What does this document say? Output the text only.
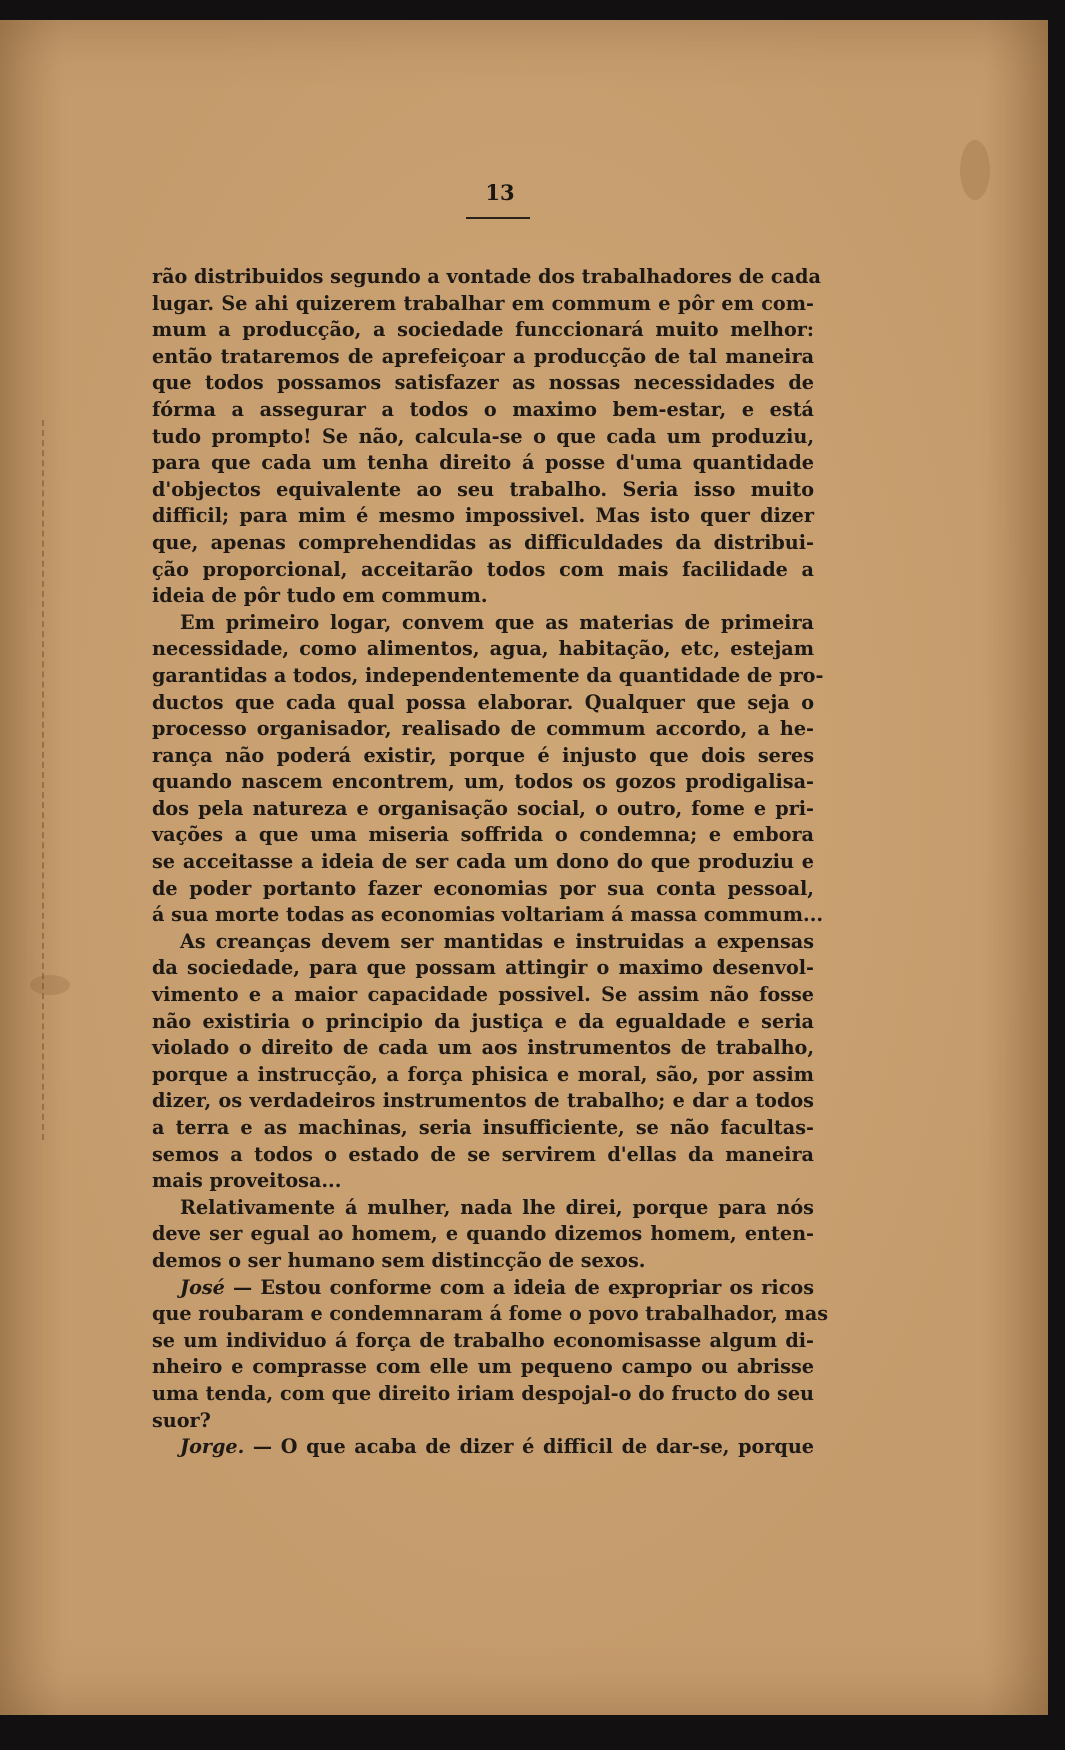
13
rão distribuidos segundo a vontade dos trabalhadores de cada
lugar. Se ahi quizerem trabalhar em commum e pôr em com-
mum a producção, a sociedade funccionará muito melhor:
então trataremos de aprefeiçoar a producção de tal maneira
que todos possamos satisfazer as nossas necessidades de
fórma a assegurar a todos o maximo bem-estar, e está
tudo prompto! Se não, calcula-se o que cada um produziu,
para que cada um tenha direito á posse d'uma quantidade
d'objectos equivalente ao seu trabalho. Seria isso muito
difficil; para mim é mesmo impossivel. Mas isto quer dizer
que, apenas comprehendidas as difficuldades da distribui-
ção proporcional, acceitarão todos com mais facilidade a
ideia de pôr tudo em commum.
Em primeiro logar, convem que as materias de primeira
necessidade, como alimentos, agua, habitação, etc, estejam
garantidas a todos, independentemente da quantidade de pro-
ductos que cada qual possa elaborar. Qualquer que seja o
processo organisador, realisado de commum accordo, a he-
rança não poderá existir, porque é injusto que dois seres
quando nascem encontrem, um, todos os gozos prodigalisa-
dos pela natureza e organisação social, o outro, fome e pri-
vações a que uma miseria soffrida o condemna; e embora
se acceitasse a ideia de ser cada um dono do que produziu e
de poder portanto fazer economias por sua conta pessoal,
á sua morte todas as economias voltariam á massa commum...
As creanças devem ser mantidas e instruidas a expensas
da sociedade, para que possam attingir o maximo desenvol-
vimento e a maior capacidade possivel. Se assim não fosse
não existiria o principio da justiça e da egualdade e seria
violado o direito de cada um aos instrumentos de trabalho,
porque a instrucção, a força phisica e moral, são, por assim
dizer, os verdadeiros instrumentos de trabalho; e dar a todos
a terra e as machinas, seria insufficiente, se não facultas-
semos a todos o estado de se servirem d'ellas da maneira
mais proveitosa...
Relativamente á mulher, nada lhe direi, porque para nós
deve ser egual ao homem, e quando dizemos homem, enten-
demos o ser humano sem distincção de sexos.
José — Estou conforme com a ideia de expropriar os ricos
que roubaram e condemnaram á fome o povo trabalhador, mas
se um individuo á força de trabalho economisasse algum di-
nheiro e comprasse com elle um pequeno campo ou abrisse
uma tenda, com que direito iriam despojal-o do fructo do seu
suor?
Jorge. — O que acaba de dizer é difficil de dar-se, porque
